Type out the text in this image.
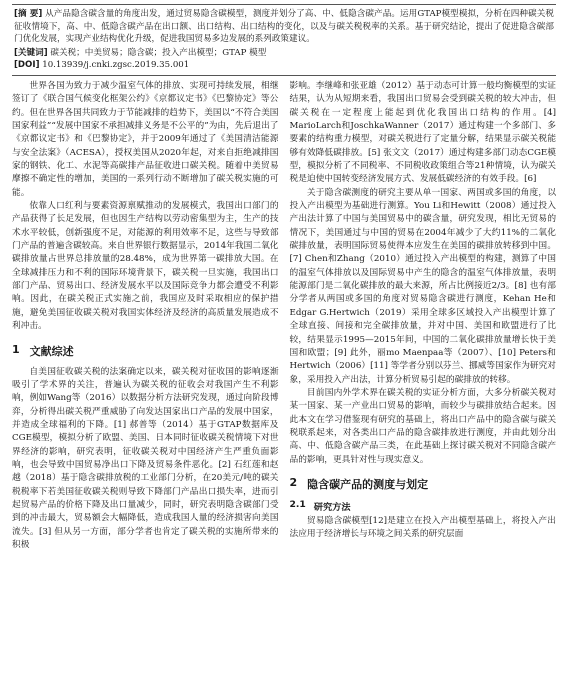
[摘 要] 从产品隐含碳含量的角度出发，通过贸易隐含碳模型，测度并划分了高、中、低隐含碳产品。运用GTAP模型模拟，分析在四种碳关税征收情境下，高、中、低隐含碳产品在出口额、出口结构、出口结构的变化，以及与碳关税税率的关系。基于研究结论，提出了促进隐含碳部门优化发展，实现产业结构优化升级，促进我国贸易多边发展的系列政策建议。
[关键词] 碳关税；中美贸易；隐含碳；投入产出模型；GTAP 模型
[DOI] 10.13939/j.cnki.zgsc.2019.35.001

世界各国为致力于减少温室气体的排放、实现可持续发展，相继签订了《联合国气候变化框架公约》《京都议定书》《巴黎协定》等公约。但在世界各国共同致力于节能减排的趋势下，美国以“不符合美国国家利益”“发展中国家不承担减排义务是不公平的”为由，先后退出了《京都议定书》和《巴黎协定》，并于2009年通过了《美国清洁能源与安全法案》（ACESA），授权美国从2020年起，对来自拒绝减排国家的钢铁、化工、水泥等高碳排产品征收进口碳关税。随着中美贸易摩擦不确定性的增加，美国的一系列行动不断增加了碳关税实施的可能。

依靠人口红利与要素资源禀赋推动的发展模式，我国出口部门的产品获得了长足发展，但也因生产结构以劳动密集型为主，生产的技术水平较低，创新强度不足，对能源的利用效率不足，这些与导致部门产品的普遍含碳较高。来自世界银行数据显示，2014年我国二氧化碳排放量占世界总排放量的28.48%，成为世界第一碳排放大国。在全球减排压力和不利的国际环境背景下，碳关税一旦实施，我国出口部门产品、贸易出口、经济发展水平以及国际竞争力都会遭受不利影响。因此，在碳关税正式实施之前，我国应及时采取相应的保护措施，避免美国征收碳关税对我国实体经济及经济的高质量发展造成不利冲击。

1 文献综述

自美国征收碳关税的法案确定以来，碳关税对征收国的影响逐渐吸引了学术界的关注，普遍认为碳关税的征收会对我国产生不利影响，例如Wang等（2016）以数据分析方法研究发现，通过向阶段博弈，分析得出碳关税严重威胁了向发达国家出口产品的发展中国家，并造成全球福利的下降。[1] 郝普等（2014）基于GTAP数据库及CGE模型，模拟分析了欧盟、美国、日本同时征收碳关税情境下对世界经济的影响，研究表明，征收碳关税对中国经济产生严重负面影响，也会导致中国贸易净出口下降及贸易条件恶化。[2] 石红莲和赵越（2018）基于隐含碳排放税的工业部门分析，在20美元/吨的碳关税税率下若美国征收碳关税则导致下降部门产品出口损失率，进而引起贸易产品的价格下降及出口量减少，同时，研究表明隐含碳部门受到的冲击最大，贸易额会大幅降低，造成我国人量的经济损害向美国流失。[3] 但从另一方面，部分学者也肯定了碳关税的实施所带来的积极

影响。李继峰和张亚雄（2012）基于动态可计算一般均衡模型的实证结果，认为从短期来看，我国出口贸易会受到碳关税的较大冲击，但碳关税在一定程度上能起到优化我国出口结构的作用。[4] MarioLarch和JoschkaWanner（2017）通过构建一个多部门、多要素的结构重力模型，对碳关税进行了定量分解，结果显示碳关税能够有效降低碳排放。[5] 张文文（2017）通过构建多部门动态CGE模型，模拟分析了不同税率、不同税收政策组合等21种情境，认为碳关税是迫使中国转变经济发展方式、发展低碳经济的有效手段。[6]

关于隐含碳测度的研究主要从单一国家、两国或多国的角度，以投入产出模型为基础进行测算。You Li和Hewitt（2008）通过投入产出法计算了中国与美国贸易中的碳含量，研究发现，相比无贸易的情况下，美国通过与中国的贸易在2004年减少了大约11%的二氧化碳排放量，表明国际贸易使得本应发生在美国的碳排放转移到中国。[7] Chen和Zhang（2010）通过投入产出模型的构建，测算了中国的温室气体排放以及国际贸易中产生的隐含的温室气体排放量，表明能源部门是二氧化碳排放的最大来源，所占比例接近2/3。[8] 也有部分学者从两国或多国的角度对贸易隐含碳进行测度，Kehan He和Edgar G.Hertwich（2019）采用全球多区域投入产出模型计算了全球直接、间接和完全碳排放量，并对中国、美国和欧盟进行了比较，结果显示1995—2015年间，中国的二氧化碳排放量增长快于美国和欧盟；[9] 此外，丽mo Maenpaa等（2007）、[10] Peters和Hertwich（2006）[11] 等学者分别以芬兰、挪威等国家作为研究对象，采用投入产出法，计算分析贸易引起的碳排放的转移。

目前国内外学术界在碳关税的实证分析方面，大多分析碳关税对某一国家、某一产业出口贸易的影响，而较少与碳排放结合起来。因此本文在学习借鉴现有研究的基础上，将出口产品中的隐含碳与碳关税联系起来，对各类出口产品的隐含碳排放进行测度，并由此划分出高、中、低隐含碳产品三类，在此基础上探讨碳关税对不同隐含碳产品的影响，更具针对性与现实意义。

2 隐含碳产品的测度与划定
2.1 研究方法

贸易隐含碳模型[12]是建立在投入产出模型基础上，将投入产出法应用于经济增长与环境之间关系的研究层面
